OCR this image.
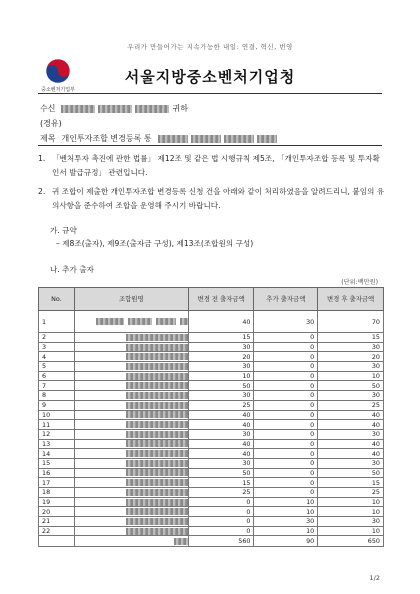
우리가 만들어가는 지속가능한 내일: 연결, 혁신, 번영
중소벤처기업부
서울지방중소벤처기업청
수신	귀하
(경유)
제목 개인투자조합 변경등록 통
1. 「벤처투자 촉진에 관한 법률」 제12조 및 같은 법 시행규칙 제5조, 「개인투자조합 등록 및 투자확인서 발급규정」 관련입니다.
2. 귀 조합이 제출한 개인투자조합 변경등록 신청 건을 아래와 같이 처리하였음을 알려드리니, 붙임의 유의사항을 준수하여 조합을 운영해 주시기 바랍니다.
가. 규약
– 제8조(출자), 제9조(출자금 구성), 제13조(조합원의 구성)
나. 추가 출자
(단위:백만원)
No.	조합원명	변경 전 출자금액	추가 출자금액	변경 후 출자금액
1		40	30	70
2		15	0	15
3		30	0	30
4		20	0	20
5		30	0	30
6		10	0	10
7		50	0	50
8		30	0	30
9		25	0	25
10		40	0	40
11		40	0	40
12		30	0	30
13		40	0	40
14		40	0	40
15		30	0	30
16		50	0	50
17		15	0	15
18		25	0	25
19		0	10	10
20		0	10	10
21		0	30	30
22		0	10	10
		560	90	650
1/2
